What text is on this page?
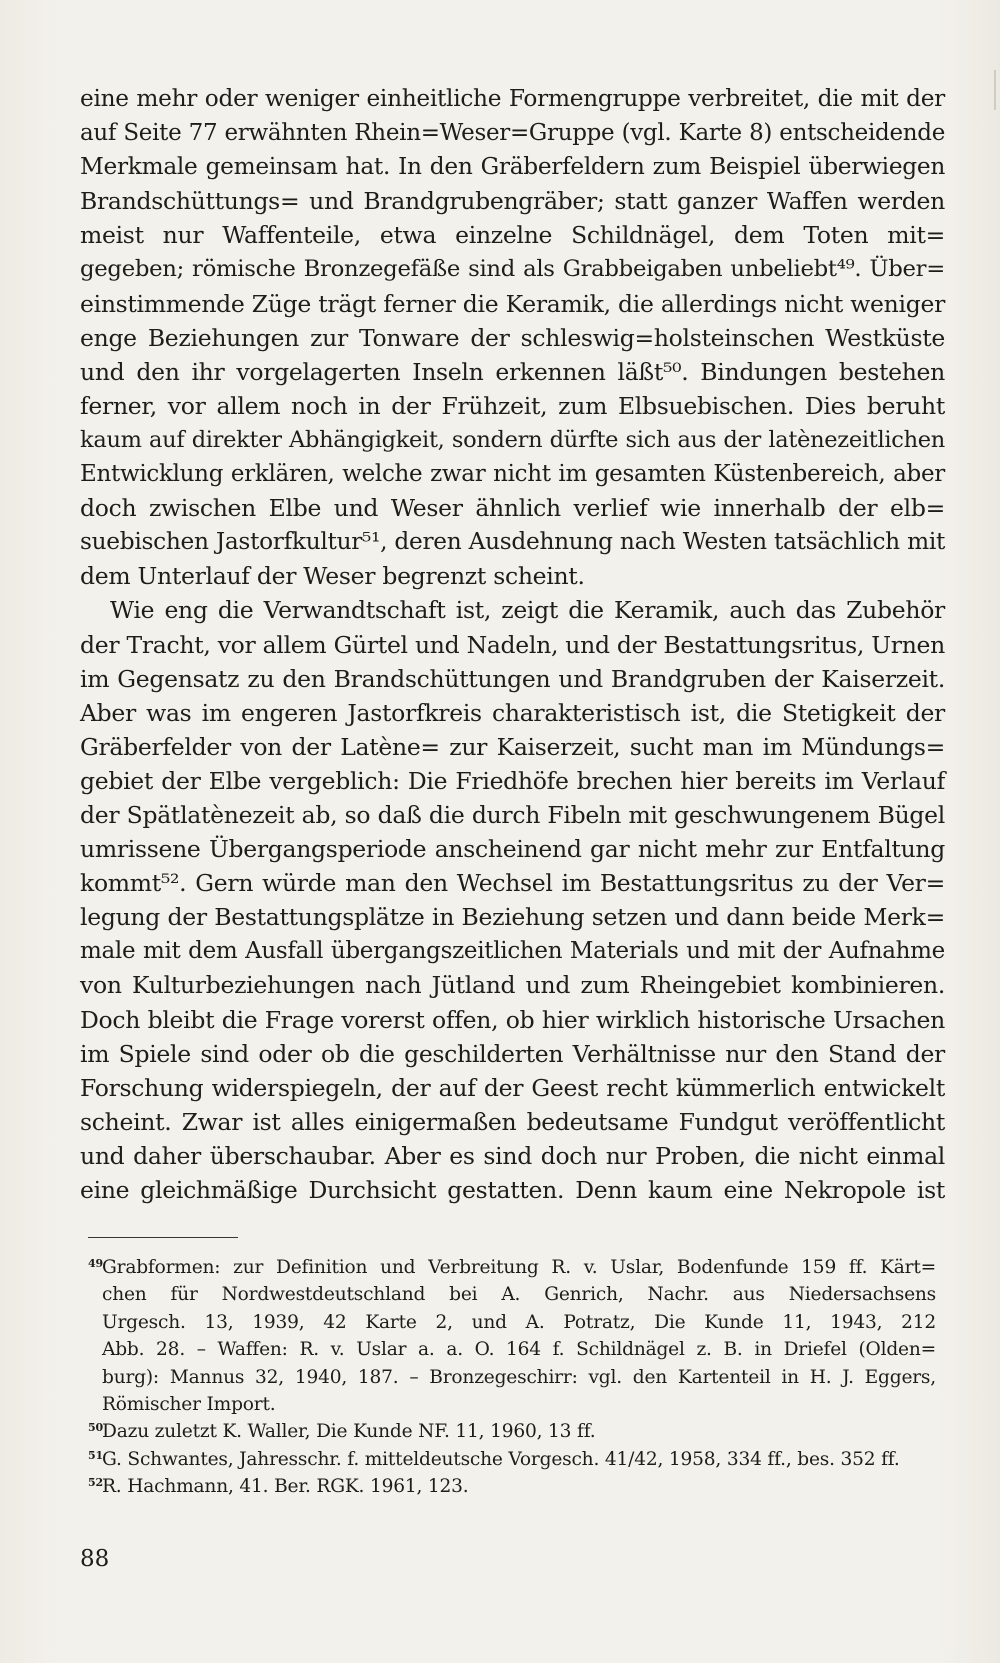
eine mehr oder weniger einheitliche Formengruppe verbreitet, die mit der
auf Seite 77 erwähnten Rhein=Weser=Gruppe (vgl. Karte 8) entscheidende
Merkmale gemeinsam hat. In den Gräberfeldern zum Beispiel überwiegen
Brandschüttungs= und Brandgrubengräber; statt ganzer Waffen werden
meist nur Waffenteile, etwa einzelne Schildnägel, dem Toten mit=
gegeben; römische Bronzegefäße sind als Grabbeigaben unbeliebt⁴⁹. Über=
einstimmende Züge trägt ferner die Keramik, die allerdings nicht weniger
enge Beziehungen zur Tonware der schleswig=holsteinschen Westküste
und den ihr vorgelagerten Inseln erkennen läßt⁵⁰. Bindungen bestehen
ferner, vor allem noch in der Frühzeit, zum Elbsuebischen. Dies beruht
kaum auf direkter Abhängigkeit, sondern dürfte sich aus der latènezeitlichen
Entwicklung erklären, welche zwar nicht im gesamten Küstenbereich, aber
doch zwischen Elbe und Weser ähnlich verlief wie innerhalb der elb=
suebischen Jastorfkultur⁵¹, deren Ausdehnung nach Westen tatsächlich mit
dem Unterlauf der Weser begrenzt scheint.
Wie eng die Verwandtschaft ist, zeigt die Keramik, auch das Zubehör
der Tracht, vor allem Gürtel und Nadeln, und der Bestattungsritus, Urnen
im Gegensatz zu den Brandschüttungen und Brandgruben der Kaiserzeit.
Aber was im engeren Jastorfkreis charakteristisch ist, die Stetigkeit der
Gräberfelder von der Latène= zur Kaiserzeit, sucht man im Mündungs=
gebiet der Elbe vergeblich: Die Friedhöfe brechen hier bereits im Verlauf
der Spätlatènezeit ab, so daß die durch Fibeln mit geschwungenem Bügel
umrissene Übergangsperiode anscheinend gar nicht mehr zur Entfaltung
kommt⁵². Gern würde man den Wechsel im Bestattungsritus zu der Ver=
legung der Bestattungsplätze in Beziehung setzen und dann beide Merk=
male mit dem Ausfall übergangszeitlichen Materials und mit der Aufnahme
von Kulturbeziehungen nach Jütland und zum Rheingebiet kombinieren.
Doch bleibt die Frage vorerst offen, ob hier wirklich historische Ursachen
im Spiele sind oder ob die geschilderten Verhältnisse nur den Stand der
Forschung widerspiegeln, der auf der Geest recht kümmerlich entwickelt
scheint. Zwar ist alles einigermaßen bedeutsame Fundgut veröffentlicht
und daher überschaubar. Aber es sind doch nur Proben, die nicht einmal
eine gleichmäßige Durchsicht gestatten. Denn kaum eine Nekropole ist
49Grabformen: zur Definition und Verbreitung R. v. Uslar, Bodenfunde 159 ff. Kärt=
chen für Nordwestdeutschland bei A. Genrich, Nachr. aus Niedersachsens
Urgesch. 13, 1939, 42 Karte 2, und A. Potratz, Die Kunde 11, 1943, 212
Abb. 28. – Waffen: R. v. Uslar a. a. O. 164 f. Schildnägel z. B. in Driefel (Olden=
burg): Mannus 32, 1940, 187. – Bronzegeschirr: vgl. den Kartenteil in H. J. Eggers,
Römischer Import.
50Dazu zuletzt K. Waller, Die Kunde NF. 11, 1960, 13 ff.
51G. Schwantes, Jahresschr. f. mitteldeutsche Vorgesch. 41/42, 1958, 334 ff., bes. 352 ff.
52R. Hachmann, 41. Ber. RGK. 1961, 123.
88
